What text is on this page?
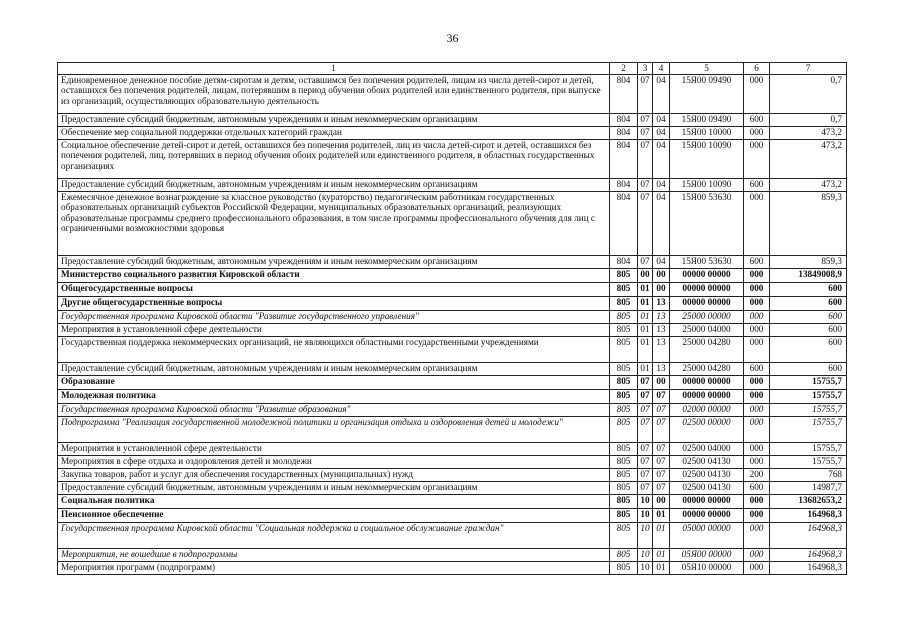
36
1	2	3	4	5	6	7
Единовременное денежное пособие детям-сиротам и детям, оставшимся без попечения родителей, лицам из числа детей-сирот и детей, оставшихся без попечения родителей, лицам, потерявшим в период обучения обоих родителей или единственного родителя, при выпуске из организаций, осуществляющих образовательную деятельность	804	07	04	15Я00 09490	000	0,7
Предоставление субсидий бюджетным, автономным учреждениям и иным некоммерческим организациям	804	07	04	15Я00 09490	600	0,7
Обеспечение мер социальной поддержки отдельных категорий граждан	804	07	04	15Я00 10000	000	473,2
Социальное обеспечение детей-сирот и детей, оставшихся без попечения родителей, лиц из числа детей-сирот и детей, оставшихся без попечения родителей, лиц, потерявших в период обучения обоих родителей или единственного родителя, в областных государственных организациях	804	07	04	15Я00 10090	000	473,2
Предоставление субсидий бюджетным, автономным учреждениям и иным некоммерческим организациям	804	07	04	15Я00 10090	600	473,2
Ежемесячное денежное вознаграждение за классное руководство (кураторство) педагогическим работникам государственных образовательных организаций субъектов Российской Федерации, муниципальных образовательных организаций, реализующих образовательные программы среднего профессионального образования, в том числе программы профессионального обучения для лиц с ограниченными возможностями здоровья	804	07	04	15Я00 53630	000	859,3
Предоставление субсидий бюджетным, автономным учреждениям и иным некоммерческим организациям	804	07	04	15Я00 53630	600	859,3
Министерство социального развития Кировской области	805	00	00	00000 00000	000	13849008,9
Общегосударственные вопросы	805	01	00	00000 00000	000	600
Другие общегосударственные вопросы	805	01	13	00000 00000	000	600
Государственная программа Кировской области "Развитие государственного управления"	805	01	13	25000 00000	000	600
Мероприятия в установленной сфере деятельности	805	01	13	25000 04000	000	600
Государственная поддержка некоммерческих организаций, не являющихся областными государственными учреждениями	805	01	13	25000 04280	000	600
Предоставление субсидий бюджетным, автономным учреждениям и иным некоммерческим организациям	805	01	13	25000 04280	600	600
Образование	805	07	00	00000 00000	000	15755,7
Молодежная политика	805	07	07	00000 00000	000	15755,7
Государственная программа Кировской области "Развитие образования"	805	07	07	02000 00000	000	15755,7
Подпрограмма "Реализация государственной молодежной политики и организация отдыха и оздоровления детей и молодежи"	805	07	07	02500 00000	000	15755,7
Мероприятия в установленной сфере деятельности	805	07	07	02500 04000	000	15755,7
Мероприятия в сфере отдыха и оздоровления детей и молодежи	805	07	07	02500 04130	000	15755,7
Закупка товаров, работ и услуг для обеспечения государственных (муниципальных) нужд	805	07	07	02500 04130	200	768
Предоставление субсидий бюджетным, автономным учреждениям и иным некоммерческим организациям	805	07	07	02500 04130	600	14987,7
Социальная политика	805	10	00	00000 00000	000	13682653,2
Пенсионное обеспечение	805	10	01	00000 00000	000	164968,3
Государственная программа Кировской области "Социальная поддержка и социальное обслуживание граждан"	805	10	01	05000 00000	000	164968,3
Мероприятия, не вошедшие в подпрограммы	805	10	01	05Я00 00000	000	164968,3
Мероприятия программ (подпрограмм)	805	10	01	05Я10 00000	000	164968,3
